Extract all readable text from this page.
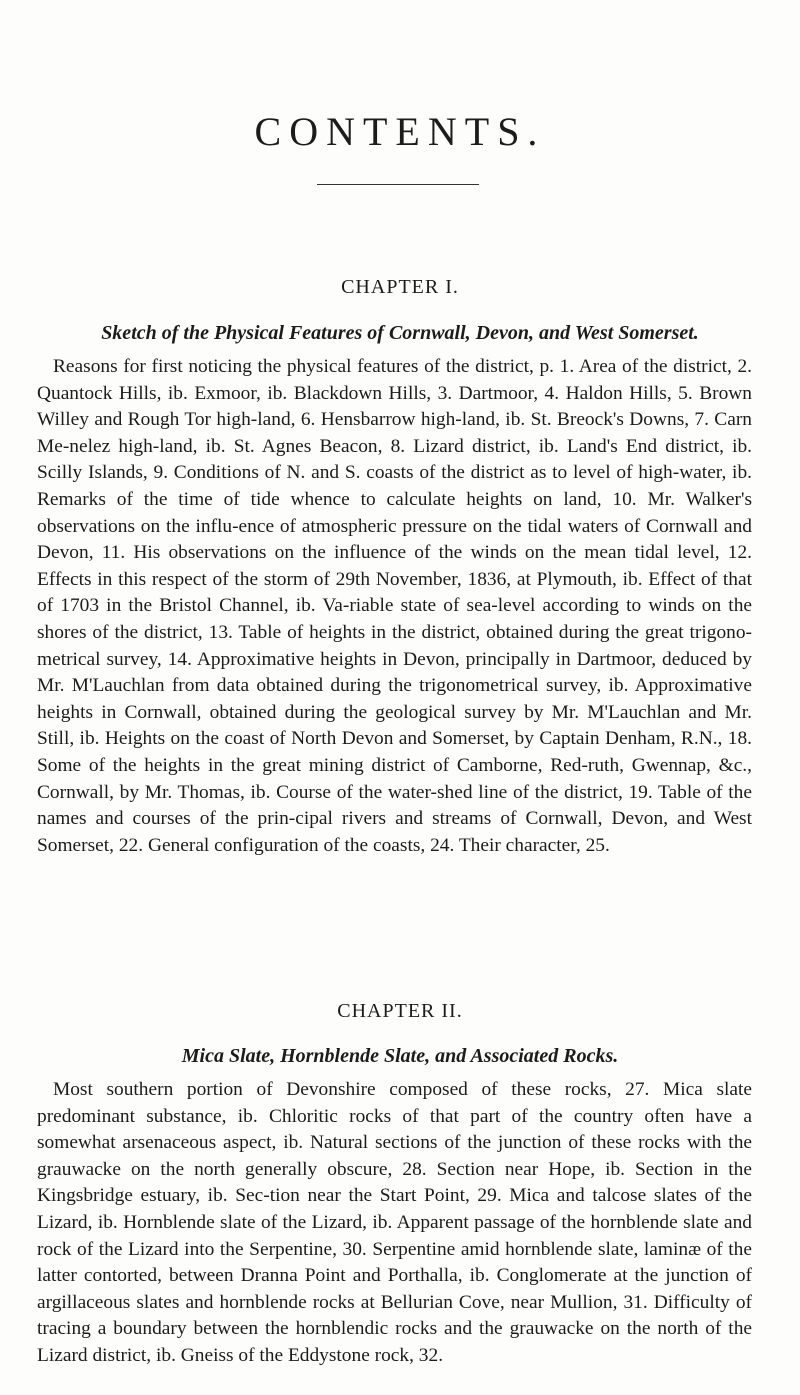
CONTENTS.
CHAPTER I.
Sketch of the Physical Features of Cornwall, Devon, and West Somerset.
Reasons for first noticing the physical features of the district, p. 1. Area of the district, 2. Quantock Hills, ib. Exmoor, ib. Blackdown Hills, 3. Dartmoor, 4. Haldon Hills, 5. Brown Willey and Rough Tor high-land, 6. Hensbarrow high-land, ib. St. Breock's Downs, 7. Carn Me-nelez high-land, ib. St. Agnes Beacon, 8. Lizard district, ib. Land's End district, ib. Scilly Islands, 9. Conditions of N. and S. coasts of the district as to level of high-water, ib. Remarks of the time of tide whence to calculate heights on land, 10. Mr. Walker's observations on the influ-ence of atmospheric pressure on the tidal waters of Cornwall and Devon, 11. His observations on the influence of the winds on the mean tidal level, 12. Effects in this respect of the storm of 29th November, 1836, at Plymouth, ib. Effect of that of 1703 in the Bristol Channel, ib. Va-riable state of sea-level according to winds on the shores of the district, 13. Table of heights in the district, obtained during the great trigono-metrical survey, 14. Approximative heights in Devon, principally in Dartmoor, deduced by Mr. M'Lauchlan from data obtained during the trigonometrical survey, ib. Approximative heights in Cornwall, obtained during the geological survey by Mr. M'Lauchlan and Mr. Still, ib. Heights on the coast of North Devon and Somerset, by Captain Denham, R.N., 18. Some of the heights in the great mining district of Camborne, Red-ruth, Gwennap, &c., Cornwall, by Mr. Thomas, ib. Course of the water-shed line of the district, 19. Table of the names and courses of the prin-cipal rivers and streams of Cornwall, Devon, and West Somerset, 22. General configuration of the coasts, 24. Their character, 25.
CHAPTER II.
Mica Slate, Hornblende Slate, and Associated Rocks.
Most southern portion of Devonshire composed of these rocks, 27. Mica slate predominant substance, ib. Chloritic rocks of that part of the country often have a somewhat arsenaceous aspect, ib. Natural sections of the junction of these rocks with the grauwacke on the north generally obscure, 28. Section near Hope, ib. Section in the Kingsbridge estuary, ib. Sec-tion near the Start Point, 29. Mica and talcose slates of the Lizard, ib. Hornblende slate of the Lizard, ib. Apparent passage of the hornblende slate and rock of the Lizard into the Serpentine, 30. Serpentine amid hornblende slate, laminæ of the latter contorted, between Dranna Point and Porthalla, ib. Conglomerate at the junction of argillaceous slates and hornblende rocks at Bellurian Cove, near Mullion, 31. Difficulty of tracing a boundary between the hornblendic rocks and the grauwacke on the north of the Lizard district, ib. Gneiss of the Eddystone rock, 32.
